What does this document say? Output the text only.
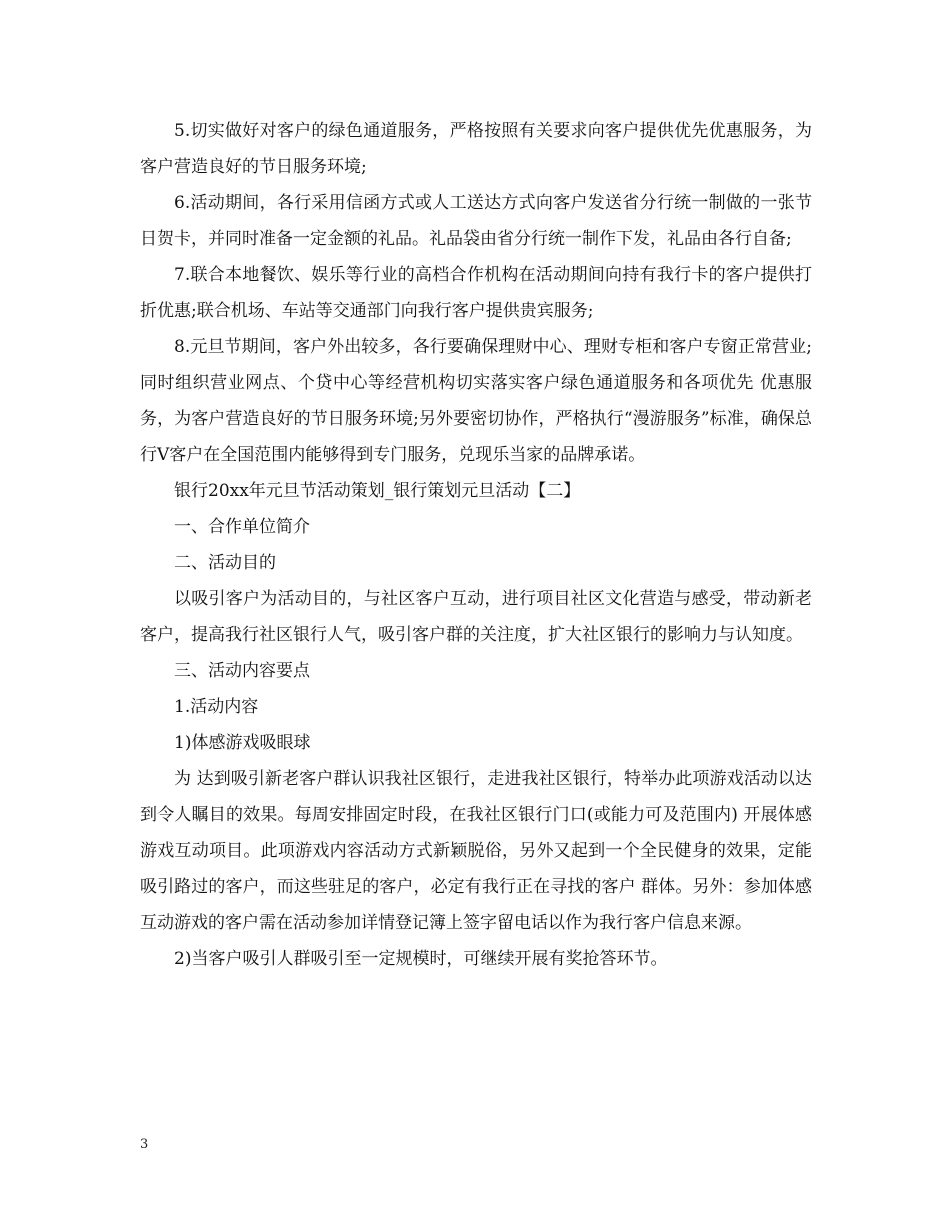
5.切实做好对客户的绿色通道服务，严格按照有关要求向客户提供优先优惠服务，为客户营造良好的节日服务环境;

6.活动期间，各行采用信函方式或人工送达方式向客户发送省分行统一制做的一张节日贺卡，并同时准备一定金额的礼品。礼品袋由省分行统一制作下发，礼品由各行自备;

7.联合本地餐饮、娱乐等行业的高档合作机构在活动期间向持有我行卡的客户提供打折优惠;联合机场、车站等交通部门向我行客户提供贵宾服务;

8.元旦节期间，客户外出较多，各行要确保理财中心、理财专柜和客户专窗正常营业;同时组织营业网点、个贷中心等经营机构切实落实客户绿色通道服务和各项优先 优惠服务，为客户营造良好的节日服务环境;另外要密切协作，严格执行“漫游服务”标准，确保总行V客户在全国范围内能够得到专门服务，兑现乐当家的品牌承诺。

银行20xx年元旦节活动策划_银行策划元旦活动【二】

一、合作单位简介

二、活动目的

以吸引客户为活动目的，与社区客户互动，进行项目社区文化营造与感受，带动新老客户，提高我行社区银行人气，吸引客户群的关注度，扩大社区银行的影响力与认知度。

三、活动内容要点

1.活动内容

1)体感游戏吸眼球

为 达到吸引新老客户群认识我社区银行，走进我社区银行，特举办此项游戏活动以达到令人瞩目的效果。每周安排固定时段，在我社区银行门口(或能力可及范围内) 开展体感游戏互动项目。此项游戏内容活动方式新颖脱俗，另外又起到一个全民健身的效果，定能吸引路过的客户，而这些驻足的客户，必定有我行正在寻找的客户 群体。另外：参加体感互动游戏的客户需在活动参加详情登记簿上签字留电话以作为我行客户信息来源。

2)当客户吸引人群吸引至一定规模时，可继续开展有奖抢答环节。

3
